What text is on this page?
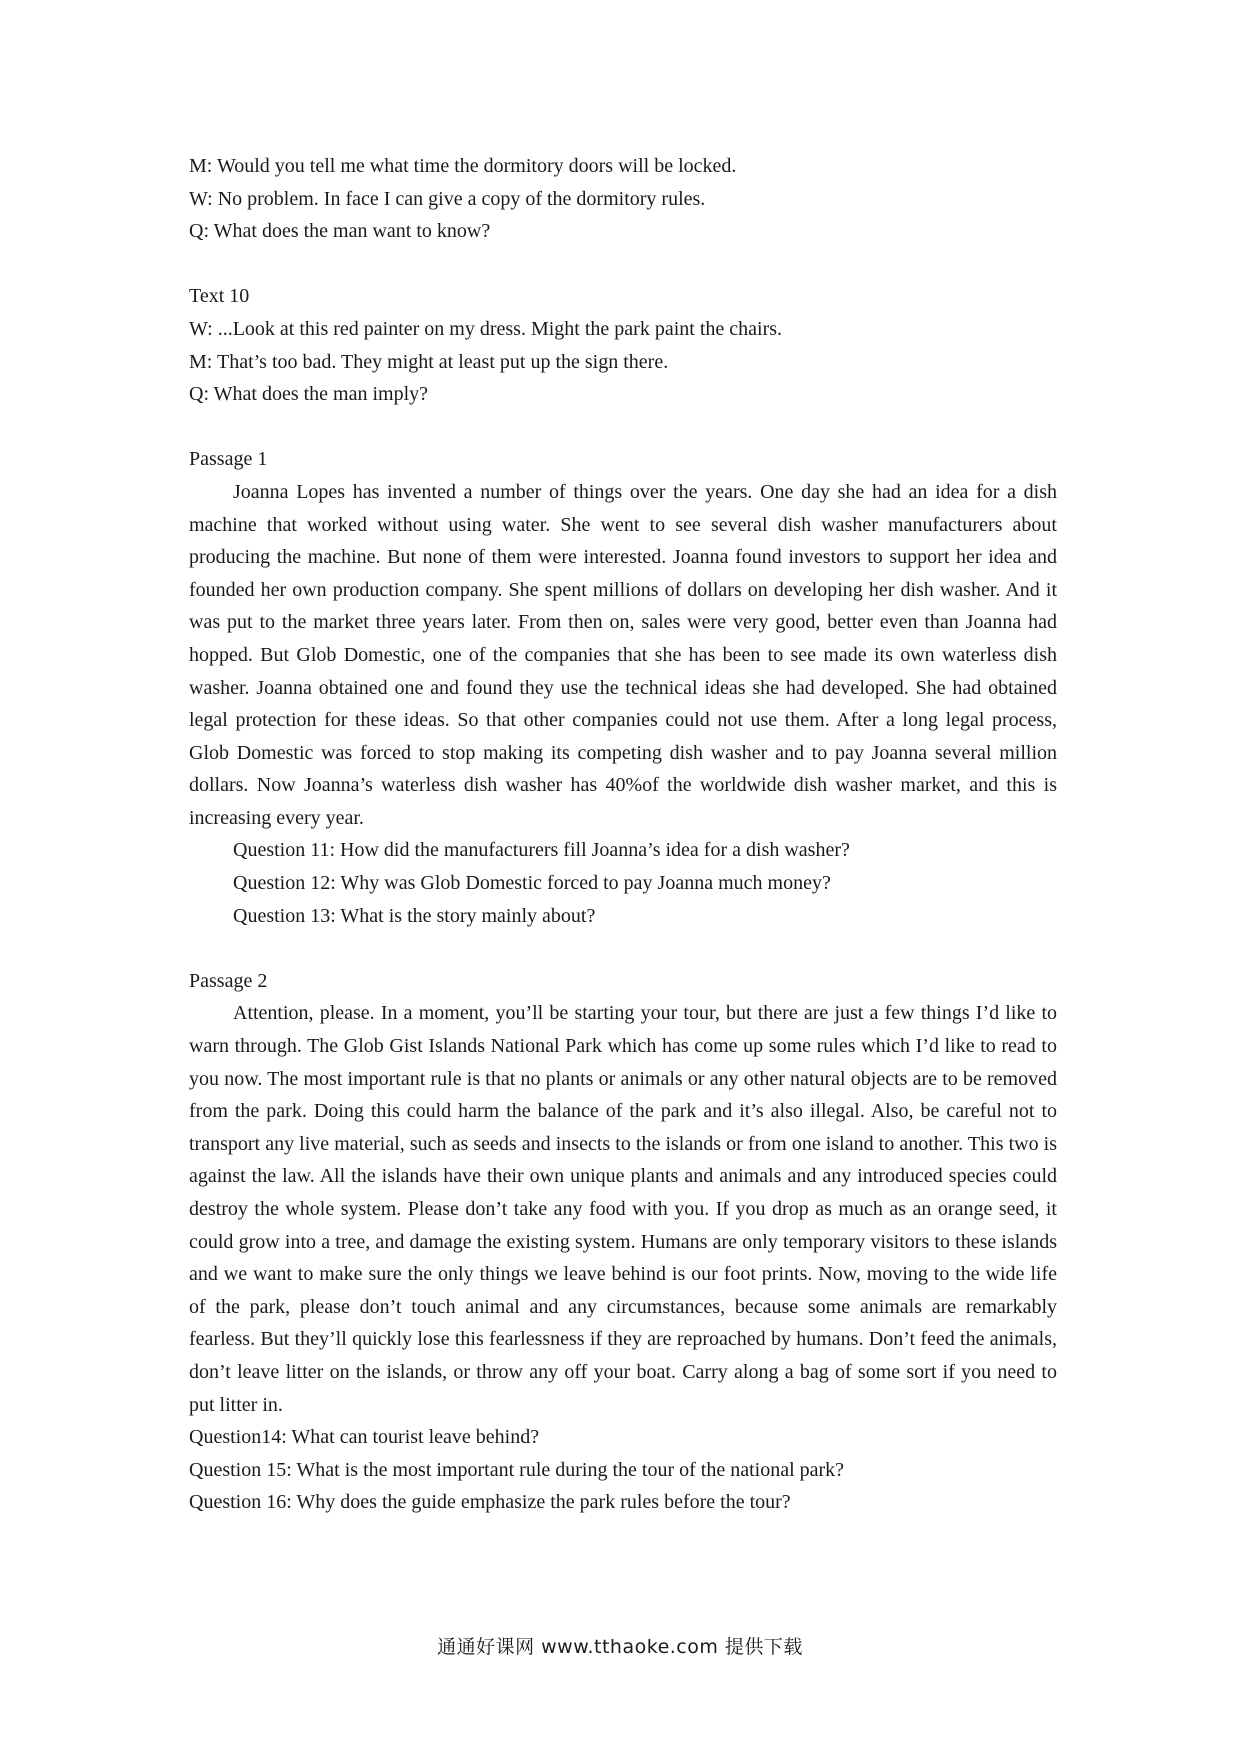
M: Would you tell me what time the dormitory doors will be locked.

W: No problem. In face I can give a copy of the dormitory rules.

Q: What does the man want to know?

Text 10

W: ...Look at this red painter on my dress. Might the park paint the chairs.

M: That’s too bad. They might at least put up the sign there.

Q: What does the man imply?

Passage 1

Joanna Lopes has invented a number of things over the years. One day she had an idea for a dish machine that worked without using water. She went to see several dish washer manufacturers about producing the machine. But none of them were interested. Joanna found investors to support her idea and founded her own production company. She spent millions of dollars on developing her dish washer. And it was put to the market three years later. From then on, sales were very good, better even than Joanna had hopped. But Glob Domestic, one of the companies that she has been to see made its own waterless dish washer. Joanna obtained one and found they use the technical ideas she had developed. She had obtained legal protection for these ideas. So that other companies could not use them. After a long legal process, Glob Domestic was forced to stop making its competing dish washer and to pay Joanna several million dollars. Now Joanna’s waterless dish washer has 40%of the worldwide dish washer market, and this is increasing every year.

Question 11: How did the manufacturers fill Joanna’s idea for a dish washer?

Question 12: Why was Glob Domestic forced to pay Joanna much money?

Question 13: What is the story mainly about?

Passage 2

Attention, please. In a moment, you’ll be starting your tour, but there are just a few things I’d like to warn through. The Glob Gist Islands National Park which has come up some rules which I’d like to read to you now. The most important rule is that no plants or animals or any other natural objects are to be removed from the park. Doing this could harm the balance of the park and it’s also illegal. Also, be careful not to transport any live material, such as seeds and insects to the islands or from one island to another. This two is against the law. All the islands have their own unique plants and animals and any introduced species could destroy the whole system. Please don’t take any food with you. If you drop as much as an orange seed, it could grow into a tree, and damage the existing system. Humans are only temporary visitors to these islands and we want to make sure the only things we leave behind is our foot prints. Now, moving to the wide life of the park, please don’t touch animal and any circumstances, because some animals are remarkably fearless. But they’ll quickly lose this fearlessness if they are reproached by humans. Don’t feed the animals, don’t leave litter on the islands, or throw any off your boat. Carry along a bag of some sort if you need to put litter in.

Question14: What can tourist leave behind?

Question 15: What is the most important rule during the tour of the national park?

Question 16: Why does the guide emphasize the park rules before the tour?

通通好课网 www.tthaoke.com 提供下载
